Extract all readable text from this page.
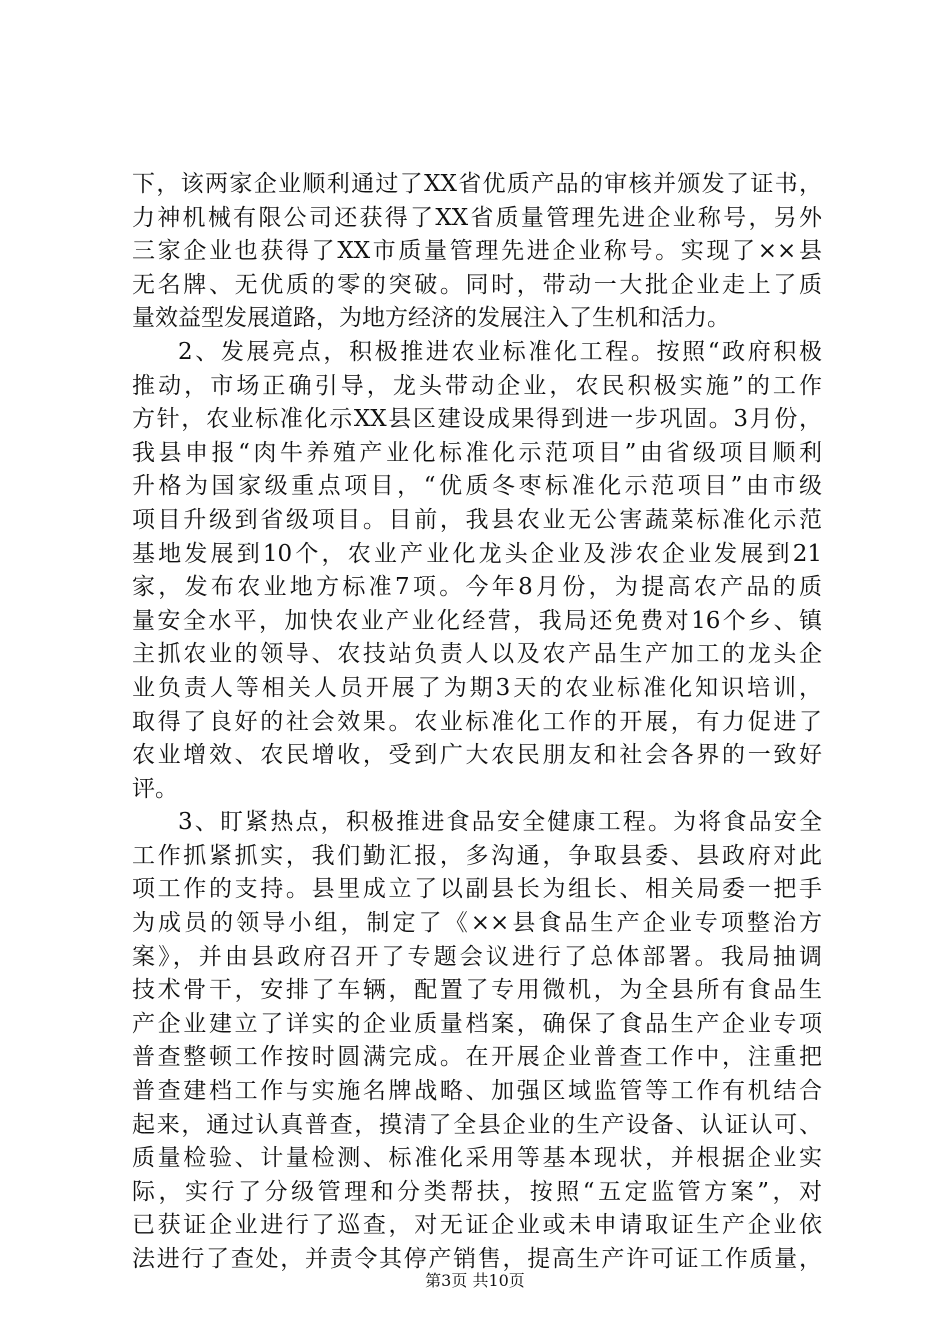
下，该两家企业顺利通过了XX省优质产品的审核并颁发了证书，
力神机械有限公司还获得了XX省质量管理先进企业称号，另外
三家企业也获得了XX市质量管理先进企业称号。实现了××县
无名牌、无优质的零的突破。同时，带动一大批企业走上了质
量效益型发展道路，为地方经济的发展注入了生机和活力。
2、发展亮点，积极推进农业标准化工程。按照“政府积极
推动，市场正确引导，龙头带动企业，农民积极实施”的工作
方针，农业标准化示XX县区建设成果得到进一步巩固。3月份，
我县申报“肉牛养殖产业化标准化示范项目”由省级项目顺利
升格为国家级重点项目，“优质冬枣标准化示范项目”由市级
项目升级到省级项目。目前，我县农业无公害蔬菜标准化示范
基地发展到10个，农业产业化龙头企业及涉农企业发展到21
家，发布农业地方标准7项。今年8月份，为提高农产品的质
量安全水平，加快农业产业化经营，我局还免费对16个乡、镇
主抓农业的领导、农技站负责人以及农产品生产加工的龙头企
业负责人等相关人员开展了为期3天的农业标准化知识培训，
取得了良好的社会效果。农业标准化工作的开展，有力促进了
农业增效、农民增收，受到广大农民朋友和社会各界的一致好
评。
3、盯紧热点，积极推进食品安全健康工程。为将食品安全
工作抓紧抓实，我们勤汇报，多沟通，争取县委、县政府对此
项工作的支持。县里成立了以副县长为组长、相关局委一把手
为成员的领导小组，制定了《××县食品生产企业专项整治方
案》，并由县政府召开了专题会议进行了总体部署。我局抽调
技术骨干，安排了车辆，配置了专用微机，为全县所有食品生
产企业建立了详实的企业质量档案，确保了食品生产企业专项
普查整顿工作按时圆满完成。在开展企业普查工作中，注重把
普查建档工作与实施名牌战略、加强区域监管等工作有机结合
起来，通过认真普查，摸清了全县企业的生产设备、认证认可、
质量检验、计量检测、标准化采用等基本现状，并根据企业实
际，实行了分级管理和分类帮扶，按照“五定监管方案”，对
已获证企业进行了巡查，对无证企业或未申请取证生产企业依
法进行了查处，并责令其停产销售，提高生产许可证工作质量，
第3页 共10页
